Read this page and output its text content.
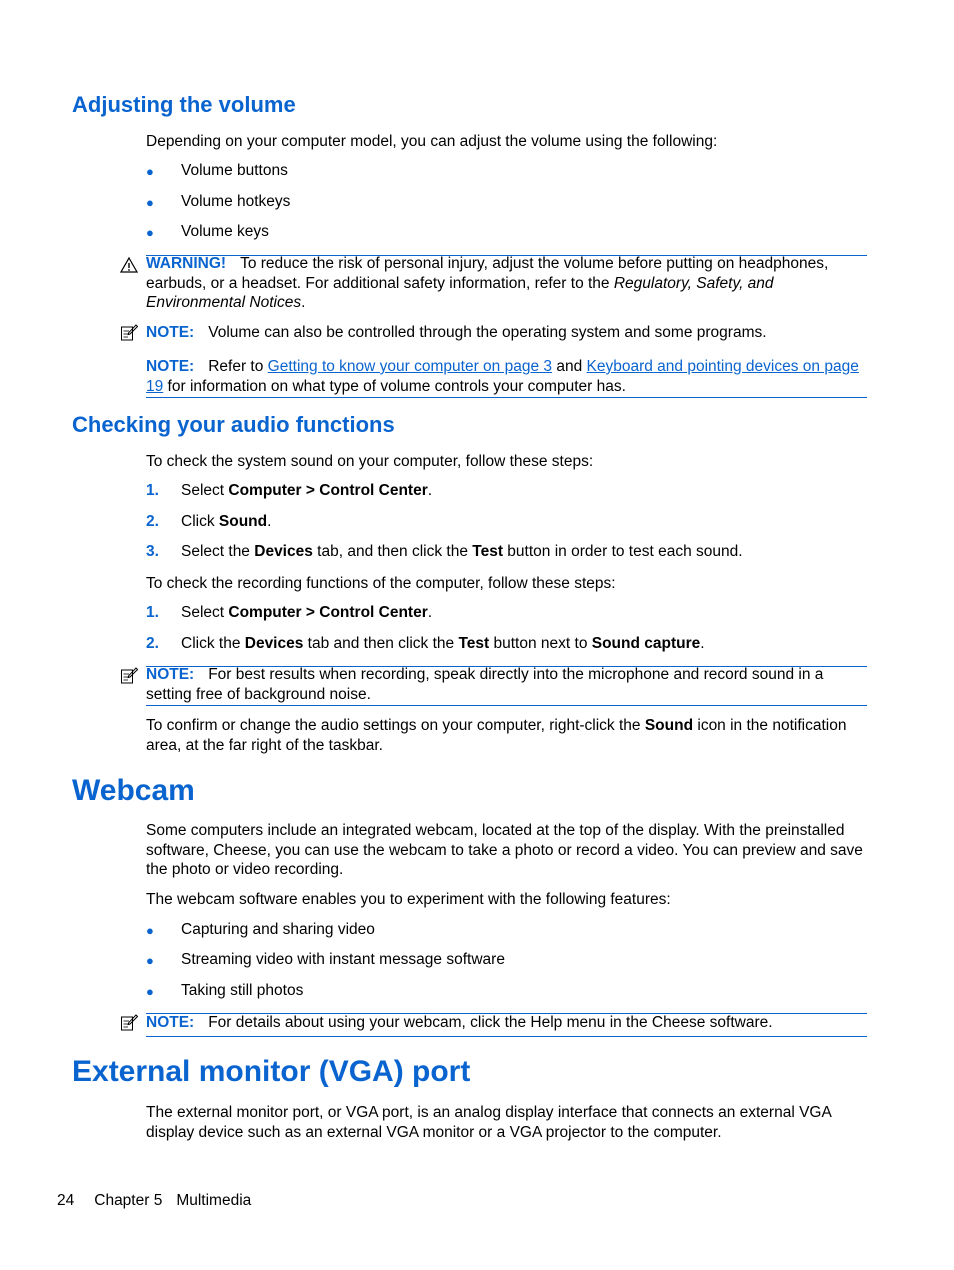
Adjusting the volume
Depending on your computer model, you can adjust the volume using the following:
● Volume buttons
● Volume hotkeys
● Volume keys
WARNING! To reduce the risk of personal injury, adjust the volume before putting on headphones, earbuds, or a headset. For additional safety information, refer to the Regulatory, Safety, and Environmental Notices.
NOTE: Volume can also be controlled through the operating system and some programs.
NOTE: Refer to Getting to know your computer on page 3 and Keyboard and pointing devices on page 19 for information on what type of volume controls your computer has.
Checking your audio functions
To check the system sound on your computer, follow these steps:
1. Select Computer > Control Center.
2. Click Sound.
3. Select the Devices tab, and then click the Test button in order to test each sound.
To check the recording functions of the computer, follow these steps:
1. Select Computer > Control Center.
2. Click the Devices tab and then click the Test button next to Sound capture.
NOTE: For best results when recording, speak directly into the microphone and record sound in a setting free of background noise.
To confirm or change the audio settings on your computer, right-click the Sound icon in the notification area, at the far right of the taskbar.
Webcam
Some computers include an integrated webcam, located at the top of the display. With the preinstalled software, Cheese, you can use the webcam to take a photo or record a video. You can preview and save the photo or video recording.
The webcam software enables you to experiment with the following features:
● Capturing and sharing video
● Streaming video with instant message software
● Taking still photos
NOTE: For details about using your webcam, click the Help menu in the Cheese software.
External monitor (VGA) port
The external monitor port, or VGA port, is an analog display interface that connects an external VGA display device such as an external VGA monitor or a VGA projector to the computer.
24 Chapter 5 Multimedia
